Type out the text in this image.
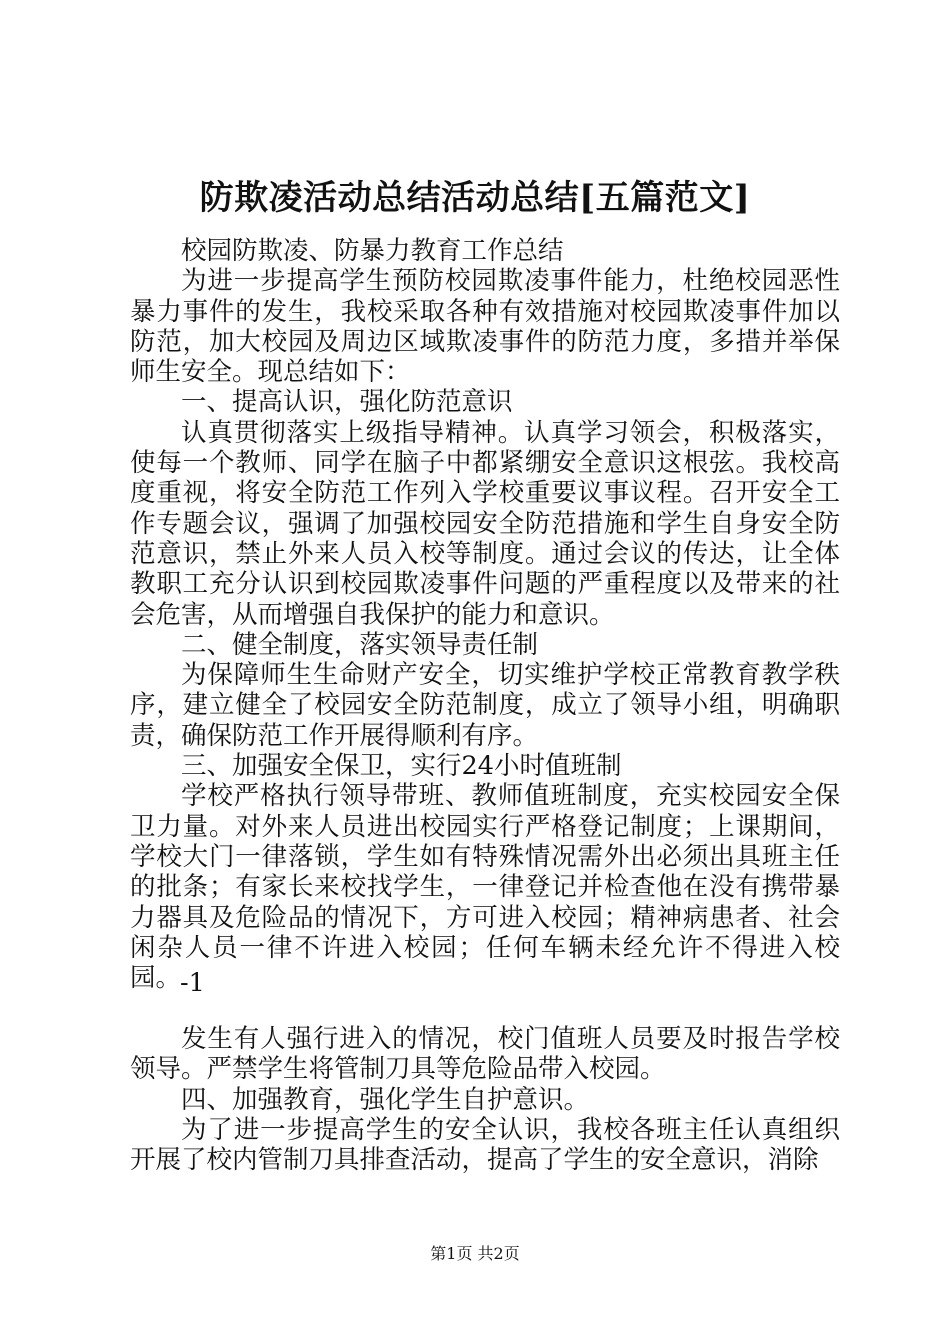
防欺凌活动总结活动总结[五篇范文]

校园防欺凌、防暴力教育工作总结

为进一步提高学生预防校园欺凌事件能力，杜绝校园恶性暴力事件的发生，我校采取各种有效措施对校园欺凌事件加以防范，加大校园及周边区域欺凌事件的防范力度，多措并举保师生安全。现总结如下：

一、提高认识，强化防范意识

认真贯彻落实上级指导精神。认真学习领会，积极落实，使每一个教师、同学在脑子中都紧绷安全意识这根弦。我校高度重视，将安全防范工作列入学校重要议事议程。召开安全工作专题会议，强调了加强校园安全防范措施和学生自身安全防范意识，禁止外来人员入校等制度。通过会议的传达，让全体教职工充分认识到校园欺凌事件问题的严重程度以及带来的社会危害，从而增强自我保护的能力和意识。

二、健全制度，落实领导责任制

为保障师生生命财产安全，切实维护学校正常教育教学秩序，建立健全了校园安全防范制度，成立了领导小组，明确职责，确保防范工作开展得顺利有序。

三、加强安全保卫，实行24小时值班制

学校严格执行领导带班、教师值班制度，充实校园安全保卫力量。对外来人员进出校园实行严格登记制度；上课期间，学校大门一律落锁，学生如有特殊情况需外出必须出具班主任的批条；有家长来校找学生，一律登记并检查他在没有携带暴力器具及危险品的情况下，方可进入校园；精神病患者、社会闲杂人员一律不许进入校园；任何车辆未经允许不得进入校园。

-1

发生有人强行进入的情况，校门值班人员要及时报告学校领导。严禁学生将管制刀具等危险品带入校园。

四、加强教育，强化学生自护意识。

为了进一步提高学生的安全认识，我校各班主任认真组织开展了校内管制刀具排查活动，提高了学生的安全意识，消除

第1页 共2页
